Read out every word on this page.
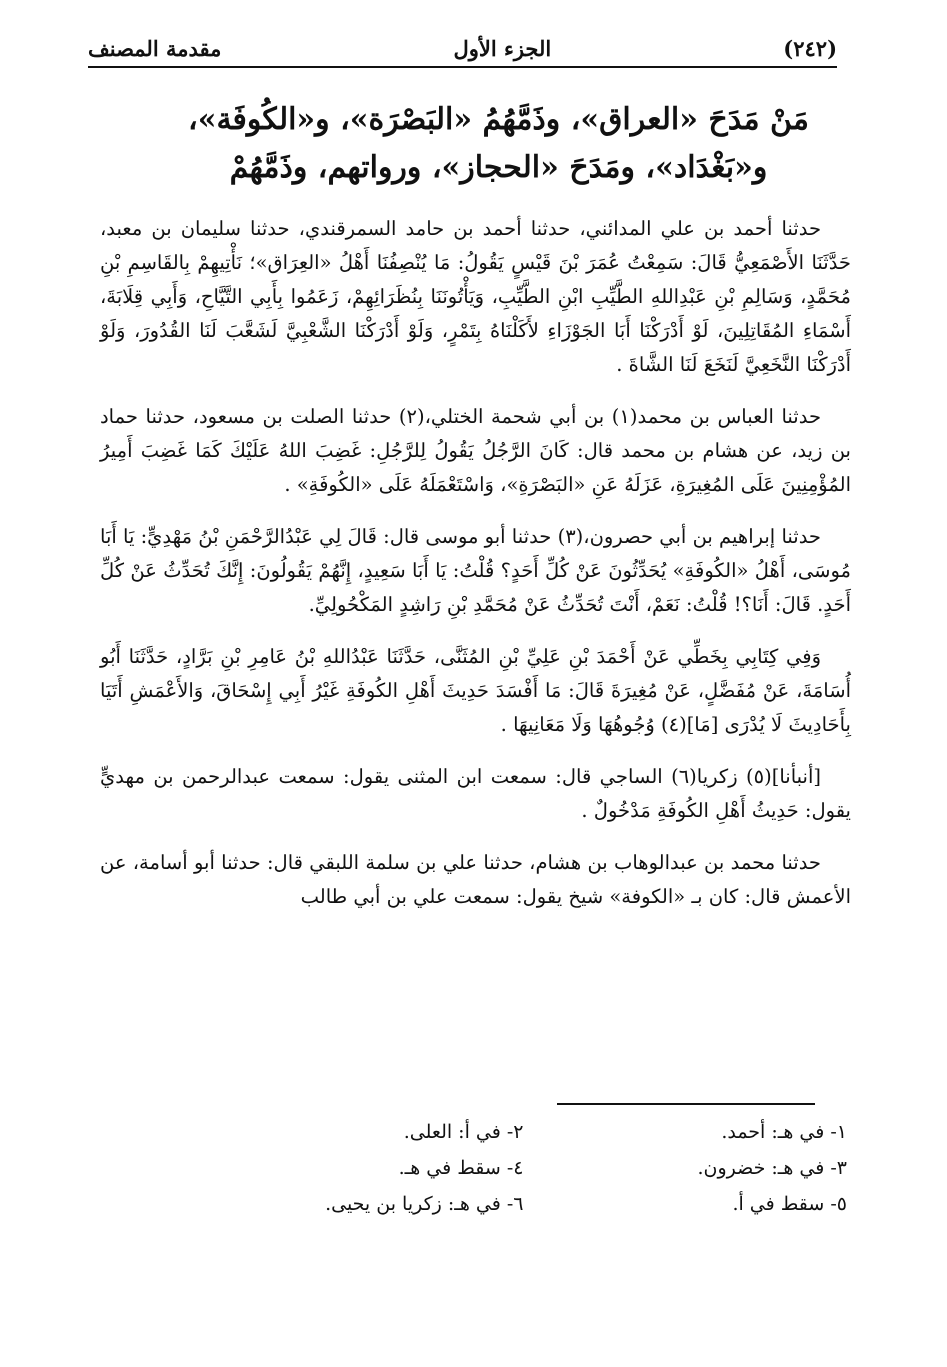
(٢٤٢)
الجزء الأول
مقدمة المصنف
مَنْ مَدَحَ «العراق»، وذَمَّهُمُ «البَصْرَة»، و«الكُوفَة»،
و«بَغْدَاد»، ومَدَحَ «الحجاز»، ورواتهم، وذَمَّهُمْ

حدثنا أحمد بن علي المدائني، حدثنا أحمد بن حامد السمرقندي، حدثنا سليمان بن معبد، حَدَّثَنَا الأَصْمَعِيُّ قَالَ: سَمِعْتُ عُمَرَ بْنَ قَيْسٍ يَقُولُ: مَا يُنْصِفُنَا أَهْلُ «العِرَاق»؛ نَأْتِيهِمْ بِالقَاسِمِ بْنِ مُحَمَّدٍ، وَسَالِمِ بْنِ عَبْدِاللهِ الطَّيِّبِ ابْنِ الطَّيِّبِ، وَيَأْتُونَنَا بِنُظَرَائِهِمْ، زَعَمُوا بِأَبِي التَّيَّاحِ، وَأَبِي قِلَابَةَ، أَسْمَاءِ المُقَاتِلِينَ، لَوْ أَدْرَكْنَا أَبَا الجَوْزَاءِ لأَكَلْنَاهُ بِتَمْرٍ، وَلَوْ أَدْرَكْنَا الشَّعْبِيَّ لَشَعَّبَ لَنَا القُدُورَ، وَلَوْ أَدْرَكْنَا النَّخَعِيَّ لَنَخَعَ لَنَا الشَّاةَ .

حدثنا العباس بن محمد(١) بن أبي شحمة الختلي،(٢) حدثنا الصلت بن مسعود، حدثنا حماد بن زيد، عن هشام بن محمد قال: كَانَ الرَّجُلُ يَقُولُ لِلرَّجُلِ: غَضِبَ اللهُ عَلَيْكَ كَمَا غَضِبَ أَمِيرُ المُؤْمِنِينَ عَلَى المُغِيرَةِ، عَزَلَهُ عَنِ «البَصْرَةِ»، وَاسْتَعْمَلَهُ عَلَى «الكُوفَةِ» .

حدثنا إبراهيم بن أبي حصرون،(٣) حدثنا أبو موسى قال: قَالَ لِي عَبْدُالرَّحْمَنِ بْنُ مَهْدِيٍّ: يَا أَبَا مُوسَى، أَهْلُ «الكُوفَةِ» يُحَدِّثُونَ عَنْ كُلِّ أَحَدٍ؟ قُلْتُ: يَا أَبَا سَعِيدٍ، إِنَّهُمْ يَقُولُونَ: إِنَّكَ تُحَدِّثُ عَنْ كُلِّ أَحَدٍ. قَالَ: أَنَا؟! قُلْتُ: نَعَمْ، أَنْتَ تُحَدِّثُ عَنْ مُحَمَّدِ بْنِ رَاشِدٍ المَكْحُولِيِّ.

وَفِي كِتَابِي بِخَطِّي عَنْ أَحْمَدَ بْنِ عَلِيِّ بْنِ المُثَنَّى، حَدَّثَنَا عَبْدُاللهِ بْنُ عَامِرِ بْنِ بَرَّادٍ، حَدَّثَنَا أَبُو أُسَامَةَ، عَنْ مُفَضَّلٍ، عَنْ مُغِيرَةَ قَالَ: مَا أَفْسَدَ حَدِيثَ أَهْلِ الكُوفَةِ غَيْرُ أَبِي إِسْحَاقَ، وَالأَعْمَشِ أَتَيَا بِأَحَادِيثَ لَا يُدْرَى [مَا](٤) وُجُوهُهَا وَلَا مَعَانِيهَا .

[أنبأنا](٥) زكريا(٦) الساجي قال: سمعت ابن المثنى يقول: سمعت عبدالرحمن بن مهديٍّ يقول: حَدِيثُ أَهْلِ الكُوفَةِ مَدْخُولٌ .

حدثنا محمد بن عبدالوهاب بن هشام، حدثنا علي بن سلمة اللبقي قال: حدثنا أبو أسامة، عن الأعمش قال: كان بـ «الكوفة» شيخ يقول: سمعت علي بن أبي طالب

١- في هـ: أحمد.
٢- في أ: العلى.
٣- في هـ: خضرون.
٤- سقط في هـ.
٥- سقط في أ.
٦- في هـ: زكريا بن يحيى.
